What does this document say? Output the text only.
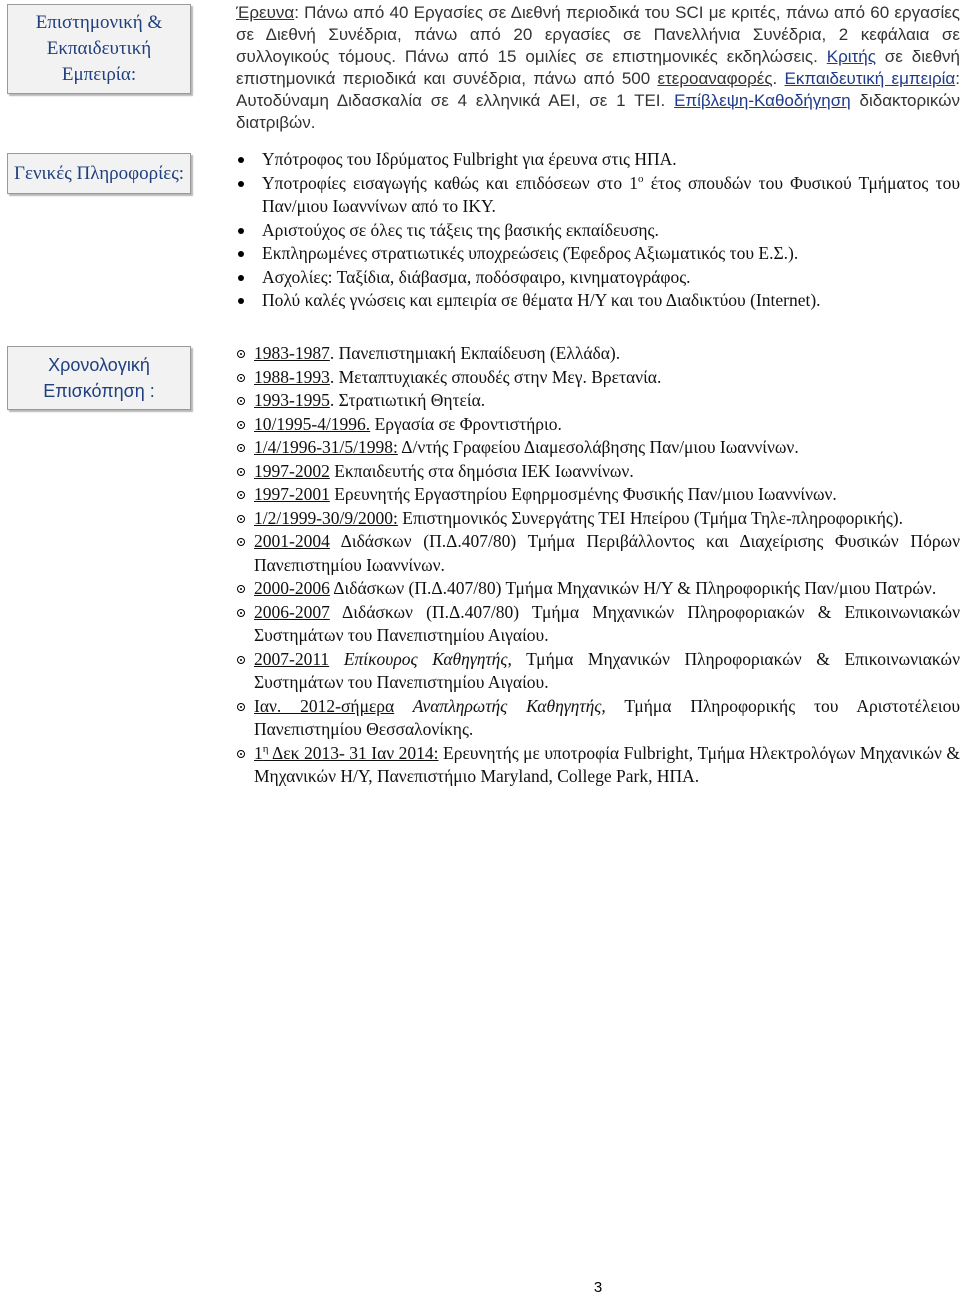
Επιστημονική & Εκπαιδευτική Εμπειρία:
Γενικές Πληροφορίες:
Χρονολογική Επισκόπηση :

Έρευνα: Πάνω από 40 Εργασίες σε Διεθνή περιοδικά του SCI με κριτές, πάνω από 60 εργασίες σε Διεθνή Συνέδρια, πάνω από 20 εργασίες σε Πανελλήνια Συνέδρια, 2 κεφάλαια σε συλλογικούς τόμους. Πάνω από 15 ομιλίες σε επιστημονικές εκδηλώσεις. Κριτής σε διεθνή επιστημονικά περιοδικά και συνέδρια, πάνω από 500 ετεροαναφορές. Εκπαιδευτική εμπειρία: Αυτοδύναμη Διδασκαλία σε 4 ελληνικά ΑΕΙ, σε 1 ΤΕΙ. Επίβλεψη-Καθοδήγηση διδακτορικών διατριβών.

Υπότροφος του Ιδρύματος Fulbright για έρευνα στις ΗΠΑ.
Υποτροφίες εισαγωγής καθώς και επιδόσεων στο $1^o$ έτος σπουδών του Φυσικού Τμήματος του Παν/μιου Ιωαννίνων από το ΙΚΥ.
Αριστούχος σε όλες τις τάξεις της βασικής εκπαίδευσης.
Εκπληρωμένες στρατιωτικές υποχρεώσεις (Έφεδρος Αξιωματικός του Ε.Σ.).
Ασχολίες: Ταξίδια, διάβασμα, ποδόσφαιρο, κινηματογράφος.
Πολύ καλές γνώσεις και εμπειρία σε θέματα Η/Υ και του Διαδικτύου (Internet).
1983-1987. Πανεπιστημιακή Εκπαίδευση (Ελλάδα).
1988-1993. Μεταπτυχιακές σπουδές στην Μεγ. Βρετανία.
1993-1995. Στρατιωτική Θητεία.
10/1995-4/1996. Εργασία σε Φροντιστήριο.
1/4/1996-31/5/1998: Δ/ντής Γραφείου Διαμεσολάβησης Παν/μιου Ιωαννίνων.
1997-2002 Εκπαιδευτής στα δημόσια ΙΕΚ Ιωαννίνων.
1997-2001 Ερευνητής Εργαστηρίου Εφηρμοσμένης Φυσικής Παν/μιου Ιωαννίνων.
1/2/1999-30/9/2000: Επιστημονικός Συνεργάτης ΤΕΙ Ηπείρου (Τμήμα Τηλε-πληροφορικής).
2001-2004 Διδάσκων (Π.Δ.407/80) Τμήμα Περιβάλλοντος και Διαχείρισης Φυσικών Πόρων Πανεπιστημίου Ιωαννίνων.
2000-2006 Διδάσκων (Π.Δ.407/80) Τμήμα Μηχανικών Η/Υ & Πληροφορικής Παν/μιου Πατρών.
2006-2007 Διδάσκων (Π.Δ.407/80) Τμήμα Μηχανικών Πληροφοριακών & Επικοινωνιακών Συστημάτων του Πανεπιστημίου Αιγαίου.
2007-2011 Επίκουρος Καθηγητής, Τμήμα Μηχανικών Πληροφοριακών & Επικοινωνιακών Συστημάτων του Πανεπιστημίου Αιγαίου.
Ιαν. 2012-σήμερα Αναπληρωτής Καθηγητής, Τμήμα Πληροφορικής του Αριστοτέλειου Πανεπιστημίου Θεσσαλονίκης.
$1^\eta$ Δεκ 2013- 31 Ιαν 2014: Ερευνητής με υποτροφία Fulbright, Τμήμα Ηλεκτρολόγων Μηχανικών & Μηχανικών Η/Υ, Πανεπιστήμιο Maryland, College Park, ΗΠΑ.
3
